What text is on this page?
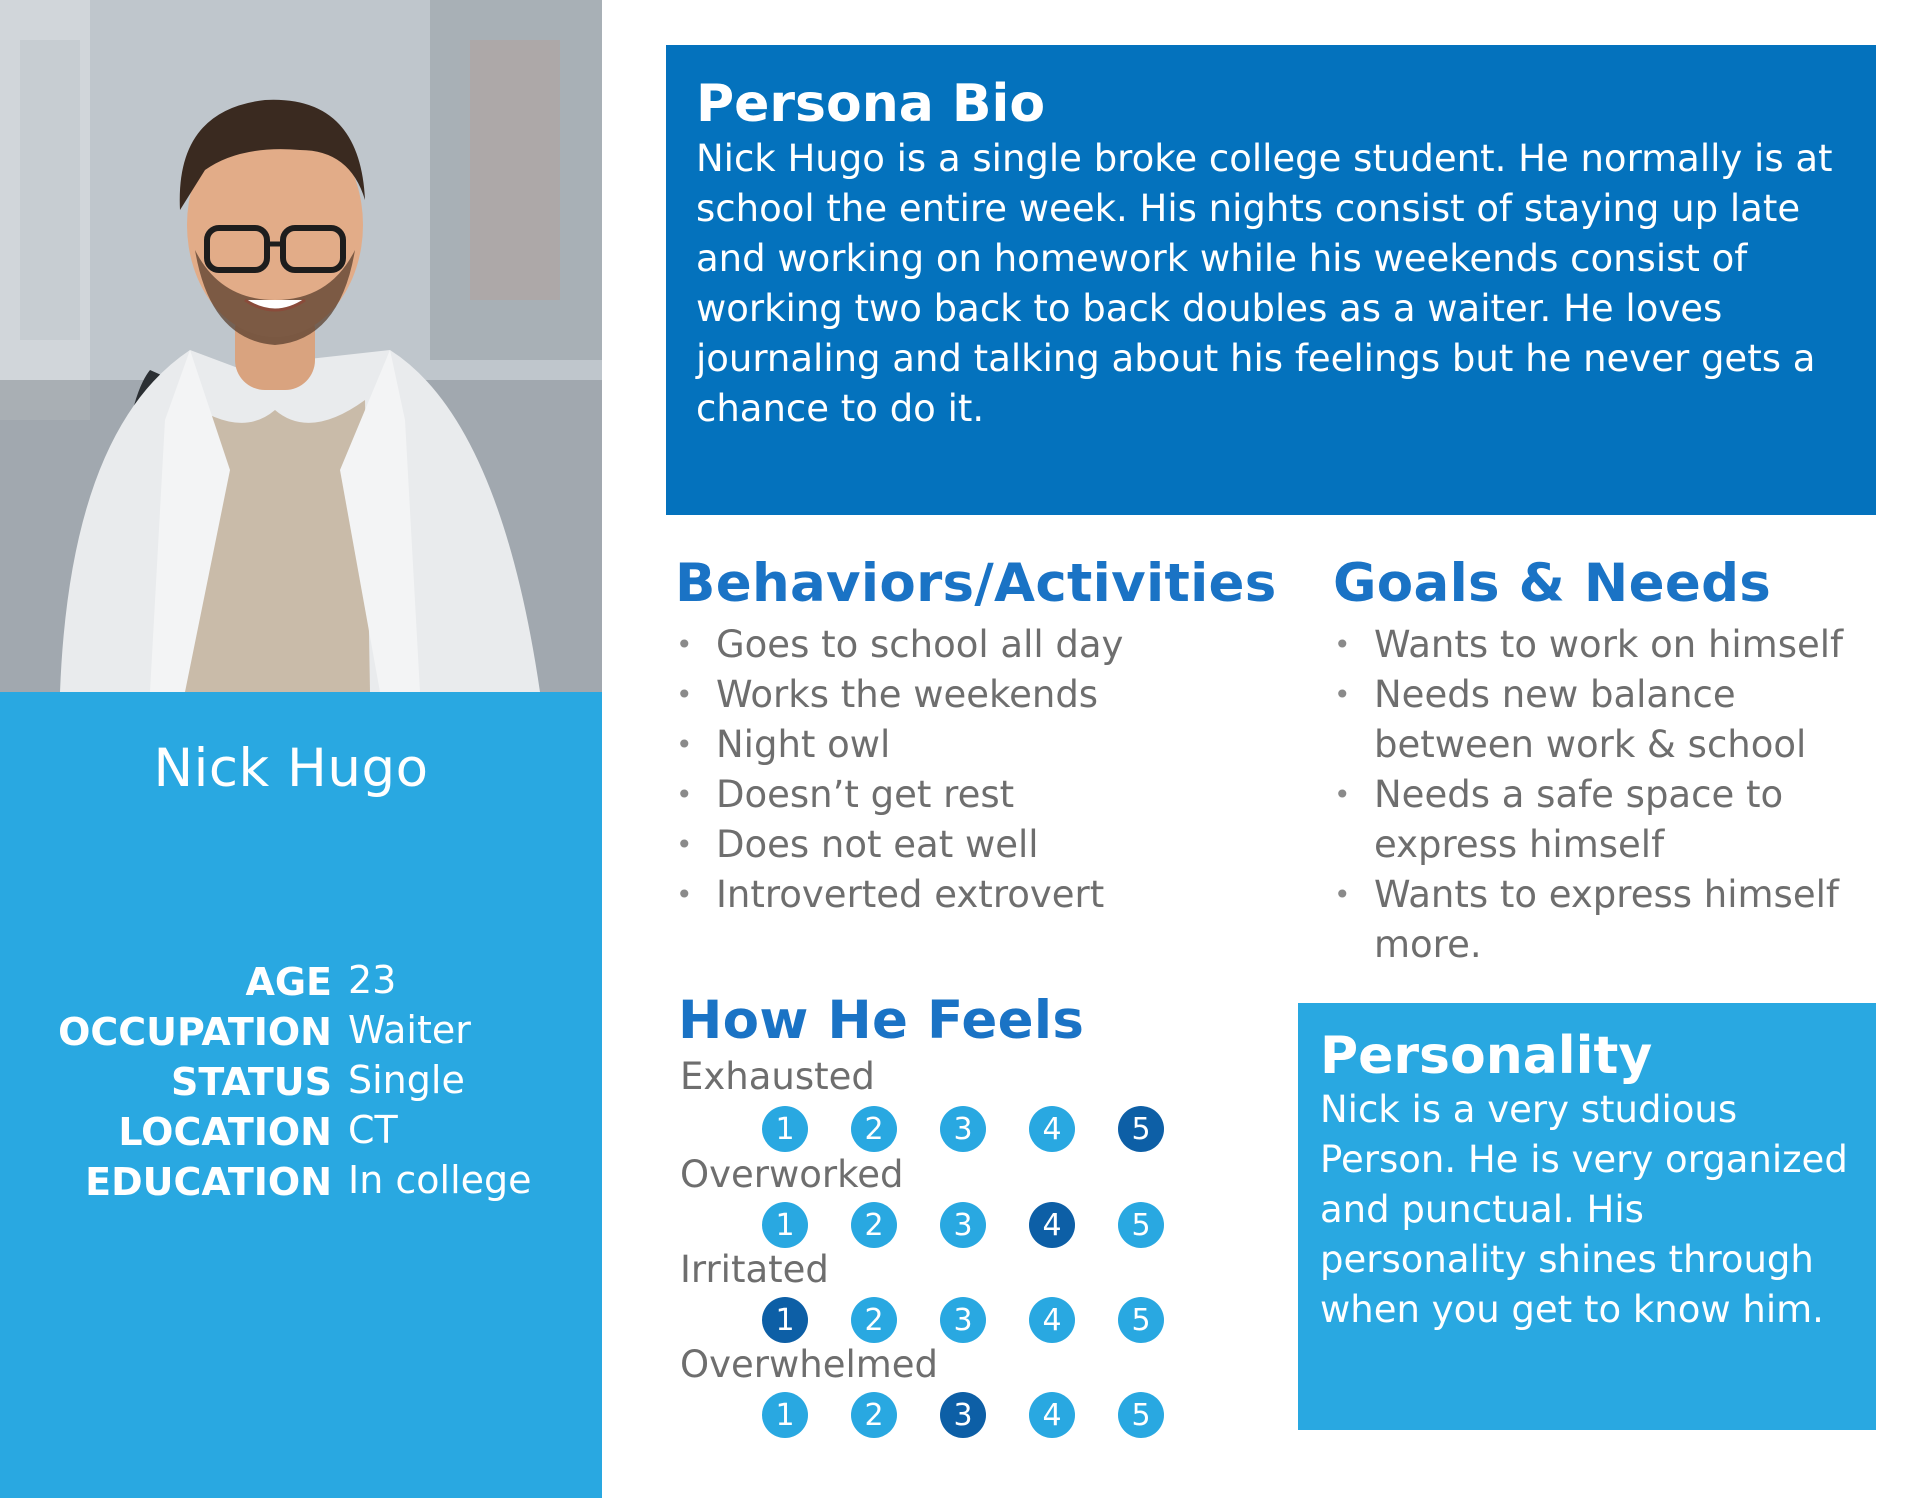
Nick Hugo
AGE 23
OCCUPATION Waiter
STATUS Single
LOCATION CT
EDUCATION In college
Persona Bio

Nick Hugo is a single broke college student. He normally is at school the entire week. His nights consist of staying up late and working on homework while his weekends consist of working two back to back doubles as a waiter. He loves journaling and talking about his feelings but he never gets a chance to do it.

Behaviors/Activities
• Goes to school all day
• Works the weekends
• Night owl
• Doesn’t get rest
• Does not eat well
• Introverted extrovert
Goals & Needs
• Wants to work on himself
• Needs new balance between work & school
• Needs a safe space to express himself
• Wants to express himself more.
How He Feels
Exhausted
1	2	3	4	5
Overworked
1	2	3	4	5
Irritated
1	2	3	4	5
Overwhelmed
1	2	3	4	5
Personality

Nick is a very studious Person. He is very organized and punctual. His personality shines through when you get to know him.
